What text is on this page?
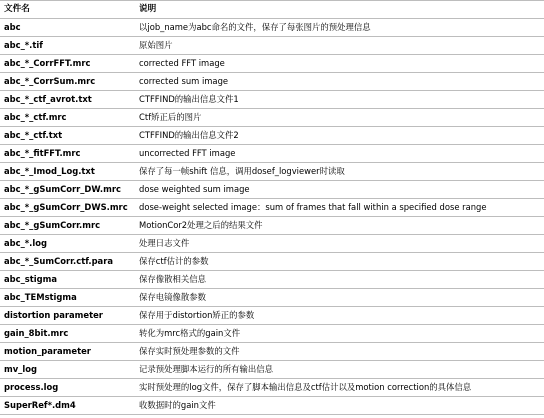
文件名	说明
abc	以job_name为abc命名的文件，保存了每张图片的预处理信息
abc_*.tif	原始图片
abc_*_CorrFFT.mrc	corrected FFT image
abc_*_CorrSum.mrc	corrected sum image
abc_*_ctf_avrot.txt	CTFFIND的输出信息文件1
abc_*_ctf.mrc	Ctf矫正后的图片
abc_*_ctf.txt	CTFFIND的输出信息文件2
abc_*_fitFFT.mrc	uncorrected FFT image
abc_*_Imod_Log.txt	保存了每一帧shift 信息，调用dosef_logviewer时读取
abc_*_gSumCorr_DW.mrc	dose weighted sum image
abc_*_gSumCorr_DWS.mrc	dose-weight selected image：sum of frames that fall within a specified dose range
abc_*_gSumCorr.mrc	MotionCor2处理之后的结果文件
abc_*.log	处理日志文件
abc_*_SumCorr.ctf.para	保存ctf估计的参数
abc_stigma	保存像散相关信息
abc_TEMstigma	保存电镜像散参数
distortion parameter	保存用于distortion矫正的参数
gain_8bit.mrc	转化为mrc格式的gain文件
motion_parameter	保存实时预处理参数的文件
mv_log	记录预处理脚本运行的所有输出信息
process.log	实时预处理的log文件，保存了脚本输出信息及ctf估计以及motion correction的具体信息
SuperRef*.dm4	收数据时的gain文件
